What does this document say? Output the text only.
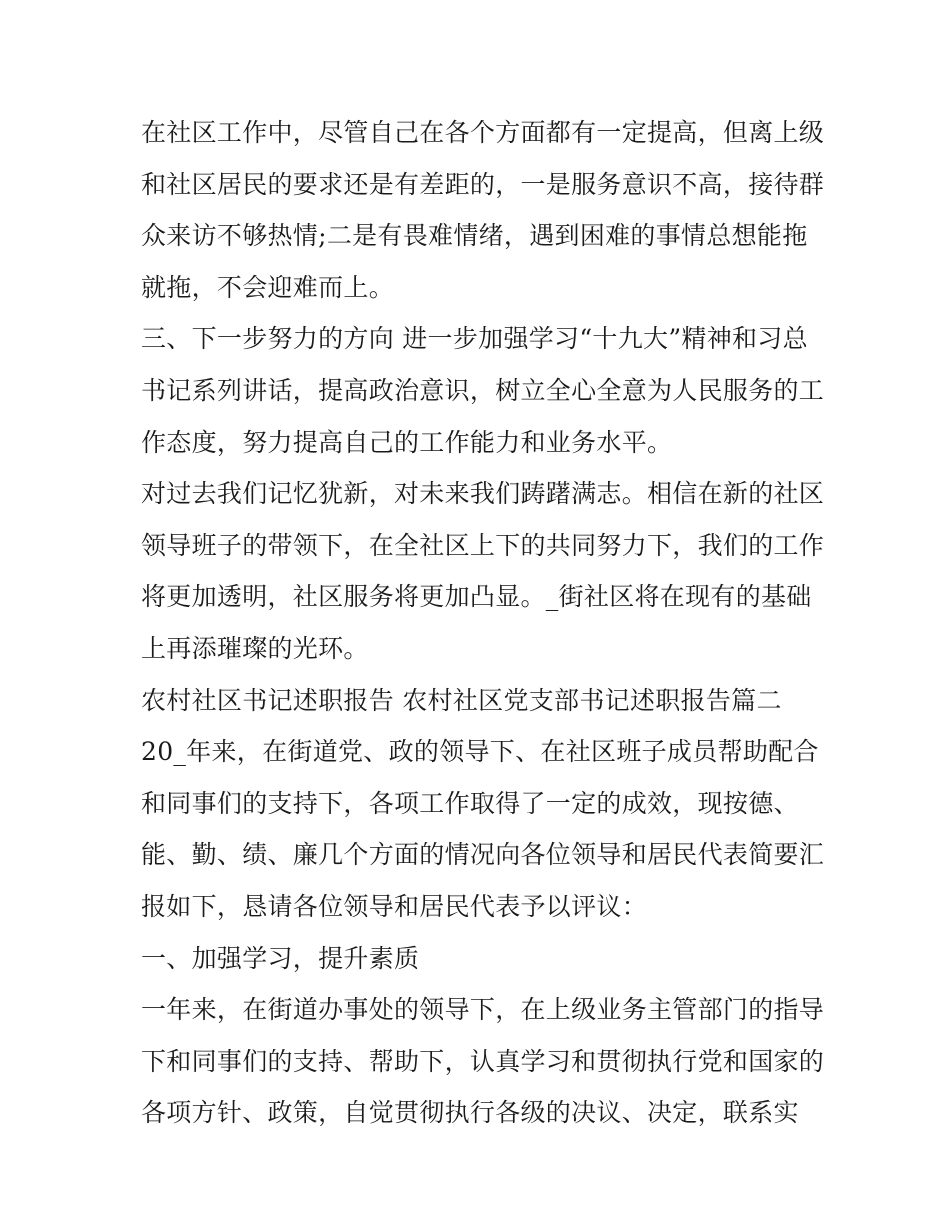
在社区工作中，尽管自己在各个方面都有一定提高，但离上级
和社区居民的要求还是有差距的，一是服务意识不高，接待群
众来访不够热情;二是有畏难情绪，遇到困难的事情总想能拖
就拖，不会迎难而上。
三、下一步努力的方向 进一步加强学习“十九大”精神和习总
书记系列讲话，提高政治意识，树立全心全意为人民服务的工
作态度，努力提高自己的工作能力和业务水平。
对过去我们记忆犹新，对未来我们踌躇满志。相信在新的社区
领导班子的带领下，在全社区上下的共同努力下，我们的工作
将更加透明，社区服务将更加凸显。_街社区将在现有的基础
上再添璀璨的光环。
农村社区书记述职报告 农村社区党支部书记述职报告篇二
20_年来，在街道党、政的领导下、在社区班子成员帮助配合
和同事们的支持下，各项工作取得了一定的成效，现按德、
能、勤、绩、廉几个方面的情况向各位领导和居民代表简要汇
报如下，恳请各位领导和居民代表予以评议：
一、加强学习，提升素质
一年来，在街道办事处的领导下，在上级业务主管部门的指导
下和同事们的支持、帮助下，认真学习和贯彻执行党和国家的
各项方针、政策，自觉贯彻执行各级的决议、决定，联系实
